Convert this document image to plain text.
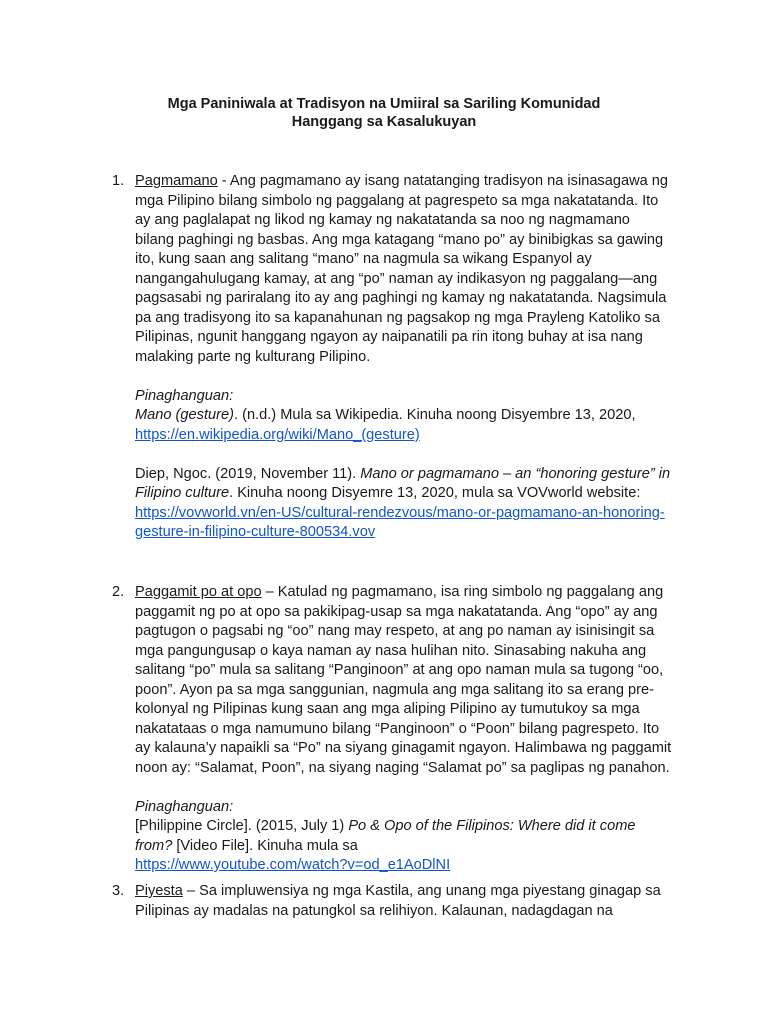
Mga Paniniwala at Tradisyon na Umiiral sa Sariling Komunidad
Hanggang sa Kasalukuyan
1. Pagmamano - Ang pagmamano ay isang natatanging tradisyon na isinasagawa ng mga Pilipino bilang simbolo ng paggalang at pagrespeto sa mga nakatatanda. Ito ay ang paglalapat ng likod ng kamay ng nakatatanda sa noo ng nagmamano bilang paghingi ng basbas. Ang mga katagang “mano po” ay binibigkas sa gawing ito, kung saan ang salitang “mano” na nagmula sa wikang Espanyol ay nangangahulugang kamay, at ang “po” naman ay indikasyon ng paggalang—ang pagsasabi ng pariralang ito ay ang paghingi ng kamay ng nakatatanda. Nagsimula pa ang tradisyong ito sa kapanahunan ng pagsakop ng mga Prayleng Katoliko sa Pilipinas, ngunit hanggang ngayon ay naipanatili pa rin itong buhay at isa nang malaking parte ng kulturang Pilipino.

Pinaghanguan:

Mano (gesture). (n.d.) Mula sa Wikipedia. Kinuha noong Disyembre 13, 2020,
https://en.wikipedia.org/wiki/Mano_(gesture)

Diep, Ngoc. (2019, November 11). Mano or pagmamano – an “honoring gesture” in Filipino culture. Kinuha noong Disyemre 13, 2020, mula sa VOVworld website: https://vovworld.vn/en-US/cultural-rendezvous/mano-or-pagmamano-an-honoring-gesture-in-filipino-culture-800534.vov

2. Paggamit po at opo – Katulad ng pagmamano, isa ring simbolo ng paggalang ang paggamit ng po at opo sa pakikipag-usap sa mga nakatatanda. Ang “opo” ay ang pagtugon o pagsabi ng “oo” nang may respeto, at ang po naman ay isinisingit sa mga pangungusap o kaya naman ay nasa hulihan nito. Sinasabing nakuha ang salitang “po” mula sa salitang “Panginoon” at ang opo naman mula sa tugong “oo, poon”. Ayon pa sa mga sanggunian, nagmula ang mga salitang ito sa erang pre-kolonyal ng Pilipinas kung saan ang mga aliping Pilipino ay tumutukoy sa mga nakatataas o mga namumuno bilang “Panginoon” o “Poon” bilang pagrespeto. Ito ay kalauna’y napaikli sa “Po” na siyang ginagamit ngayon. Halimbawa ng paggamit noon ay: “Salamat, Poon”, na siyang naging “Salamat po” sa paglipas ng panahon.

Pinaghanguan:

[Philippine Circle]. (2015, July 1) Po & Opo of the Filipinos: Where did it come from? [Video File]. Kinuha mula sa
https://www.youtube.com/watch?v=od_e1AoDlNI

3. Piyesta – Sa impluwensiya ng mga Kastila, ang unang mga piyestang ginagap sa Pilipinas ay madalas na patungkol sa relihiyon. Kalaunan, nadagdagan na
